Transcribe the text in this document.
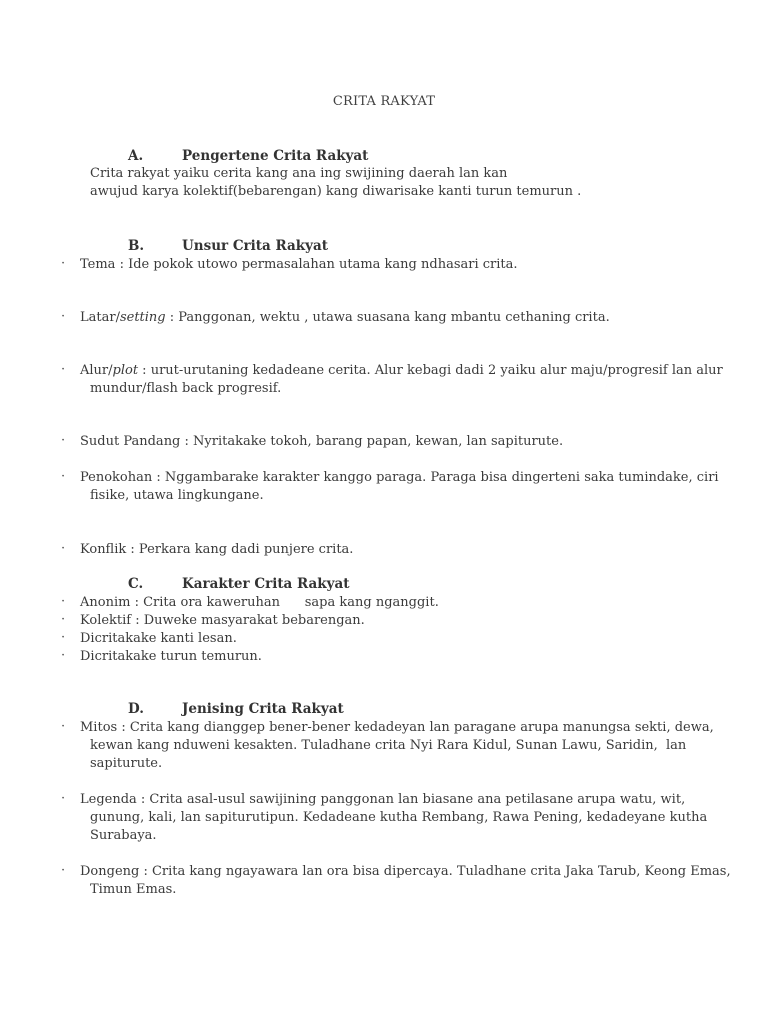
CRITA RAKYAT
A.	Pengertene Crita Rakyat
Crita rakyat yaiku cerita kang ana ing swijining daerah lan kan
awujud karya kolektif(bebarengan) kang diwarisake kanti turun temurun .
B.	Unsur Crita Rakyat
· Tema : Ide pokok utowo permasalahan utama kang ndhasari crita.
· Latar/setting : Panggonan, wektu , utawa suasana kang mbantu cethaning crita.
· Alur/plot : urut-urutaning kedadeane cerita. Alur kebagi dadi 2 yaiku alur maju/progresif lan alur
mundur/flash back progresif.
· Sudut Pandang : Nyritakake tokoh, barang papan, kewan, lan sapiturute.
· Penokohan : Nggambarake karakter kanggo paraga. Paraga bisa dingerteni saka tumindake, ciri
fisike, utawa lingkungane.
· Konflik : Perkara kang dadi punjere crita.
C.	Karakter Crita Rakyat
· Anonim : Crita ora kaweruhan      sapa kang nganggit.
· Kolektif : Duweke masyarakat bebarengan.
· Dicritakake kanti lesan.
· Dicritakake turun temurun.
D.	Jenising Crita Rakyat
· Mitos : Crita kang dianggep bener-bener kedadeyan lan paragane arupa manungsa sekti, dewa,
kewan kang nduweni kesakten. Tuladhane crita Nyi Rara Kidul, Sunan Lawu, Saridin,  lan
sapiturute.
· Legenda : Crita asal-usul sawijining panggonan lan biasane ana petilasane arupa watu, wit,
gunung, kali, lan sapiturutipun. Kedadeane kutha Rembang, Rawa Pening, kedadeyane kutha
Surabaya.
· Dongeng : Crita kang ngayawara lan ora bisa dipercaya. Tuladhane crita Jaka Tarub, Keong Emas,
Timun Emas.
